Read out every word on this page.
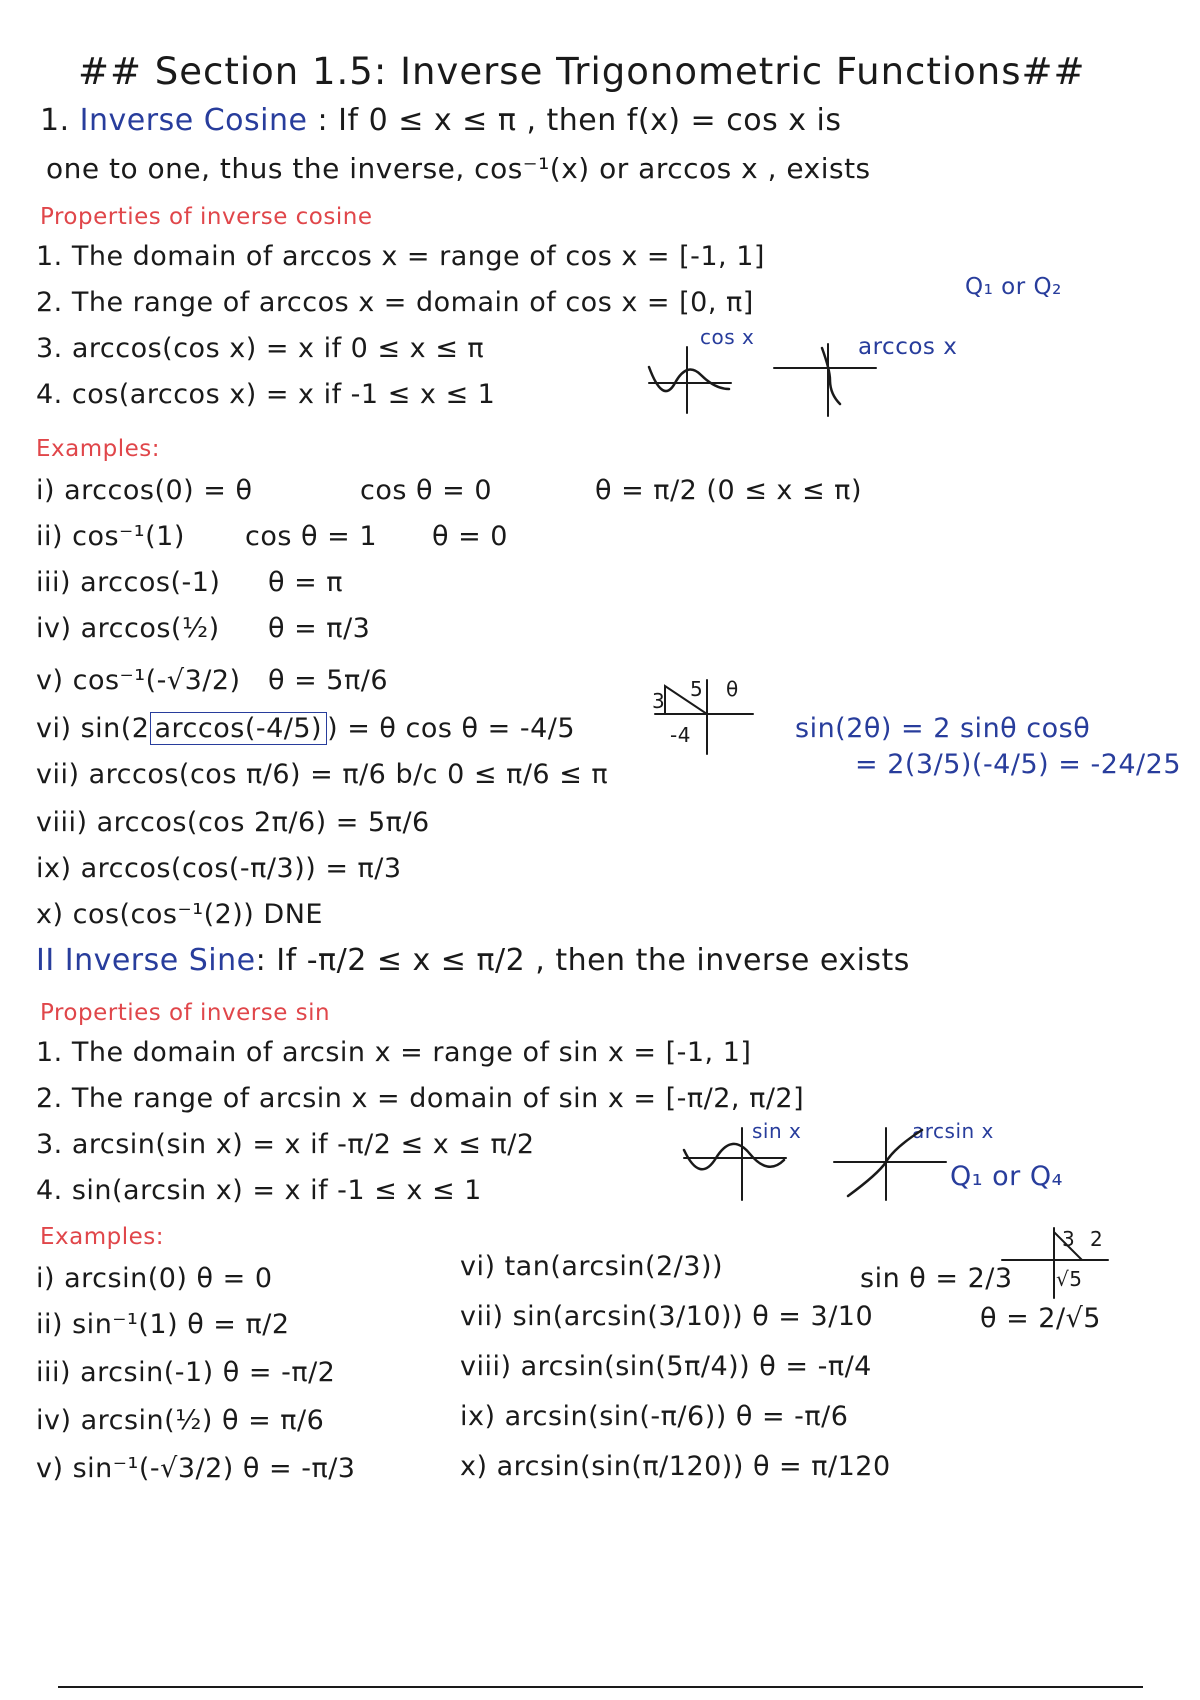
## Section 1.5: Inverse Trigonometric Functions##
1. Inverse Cosine : If 0 ≤ x ≤ π , then f(x) = cos x is
one to one, thus the inverse, cos⁻¹(x) or arccos x , exists
Properties of inverse cosine
1. The domain of arccos x = range of cos x = [-1, 1]
2. The range of arccos x = domain of cos x = [0, π]
3. arccos(cos x) = x if 0 ≤ x ≤ π
4. cos(arccos x) = x if -1 ≤ x ≤ 1
Q₁ or Q₂
cos x	arccos x
Examples:
i) arccos(0) = θ	cos θ = 0	θ = π/2 (0 ≤ x ≤ π)
ii) cos⁻¹(1) cos θ = 1 θ = 0
iii) arccos(-1) θ = π
iv) arccos(½) θ = π/3
v) cos⁻¹(-√3/2) θ = 5π/6
vi) sin(2 arccos(-4/5) ) = θ cos θ = -4/5
3 5
-4
θ
sin(2θ) = 2 sinθ cosθ
= 2(3/5)(-4/5) = -24/25
vii) arccos(cos π/6) = π/6 b/c 0 ≤ π/6 ≤ π
viii) arccos(cos 2π/6) = 5π/6
ix) arccos(cos(-π/3)) = π/3
x) cos(cos⁻¹(2)) DNE
II Inverse Sine: If -π/2 ≤ x ≤ π/2 , then the inverse exists
Properties of inverse sin
1. The domain of arcsin x = range of sin x = [-1, 1]
2. The range of arcsin x = domain of sin x = [-π/2, π/2]
3. arcsin(sin x) = x if -π/2 ≤ x ≤ π/2
4. sin(arcsin x) = x if -1 ≤ x ≤ 1
sin x	arcsin x
Q₁ or Q₄
Examples:
i) arcsin(0) θ = 0
ii) sin⁻¹(1) θ = π/2
iii) arcsin(-1) θ = -π/2
iv) arcsin(½) θ = π/6
v) sin⁻¹(-√3/2) θ = -π/3
vi) tan(arcsin(2/3))
vii) sin(arcsin(3/10)) θ = 3/10
viii) arcsin(sin(5π/4)) θ = -π/4
ix) arcsin(sin(-π/6)) θ = -π/6
x) arcsin(sin(π/120)) θ = π/120
sin θ = 2/3
3 2
√5
θ = 2/√5
